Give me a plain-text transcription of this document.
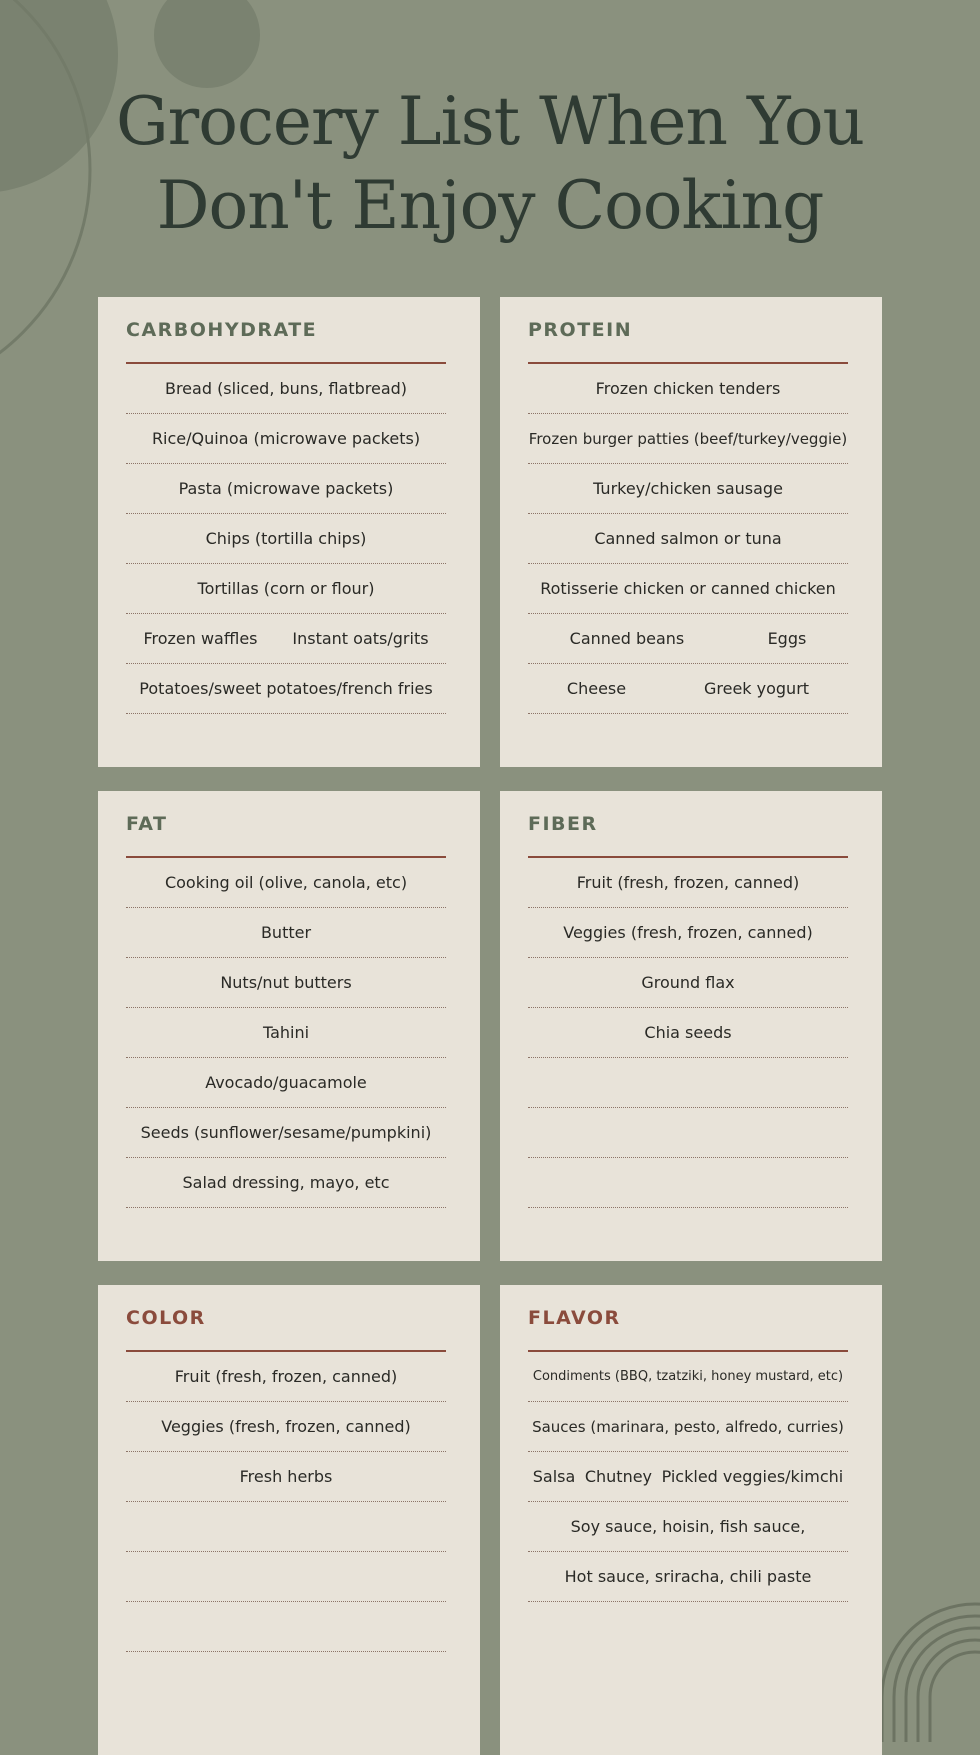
Grocery List When You
Don't Enjoy Cooking
CARBOHYDRATE
Bread (sliced, buns, flatbread)
Rice/Quinoa (microwave packets)
Pasta (microwave packets)
Chips (tortilla chips)
Tortillas (corn or flour)
Frozen waffles Instant oats/grits
Potatoes/sweet potatoes/french fries
PROTEIN
Frozen chicken tenders
Frozen burger patties (beef/turkey/veggie)
Turkey/chicken sausage
Canned salmon or tuna
Rotisserie chicken or canned chicken
Canned beans	Eggs
Cheese	Greek yogurt
FAT
Cooking oil (olive, canola, etc)
Butter
Nuts/nut butters
Tahini
Avocado/guacamole
Seeds (sunflower/sesame/pumpkini)
Salad dressing, mayo, etc
FIBER
Fruit (fresh, frozen, canned)
Veggies (fresh, frozen, canned)
Ground flax
Chia seeds
COLOR
Fruit (fresh, frozen, canned)
Veggies (fresh, frozen, canned)
Fresh herbs
FLAVOR
Condiments (BBQ, tzatziki, honey mustard, etc)
Sauces (marinara, pesto, alfredo, curries)
Salsa Chutney Pickled veggies/kimchi
Soy sauce, hoisin, fish sauce,
Hot sauce, sriracha, chili paste
